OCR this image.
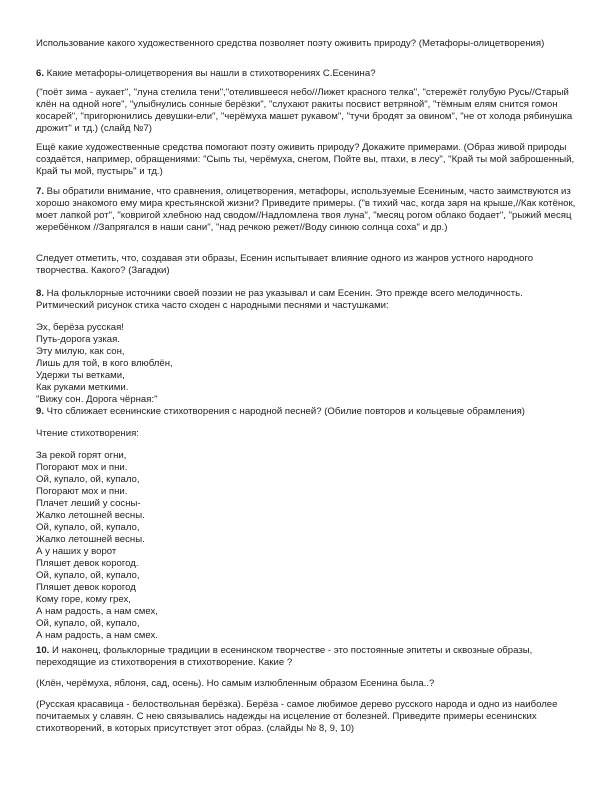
Использование какого художественного средства позволяет поэту оживить природу? (Метафоры-олицетворения)

6. Какие метафоры-олицетворения вы нашли в стихотворениях С.Есенина?

("поёт зима - аукает", "луна стелила тени","отелившееся небо//Лижет красного телка", "стережёт голубую Русь//Старый клён на одной ноге", "улыбнулись сонные берёзки", "слухают ракиты посвист ветряной", "тёмным елям снится гомон косарей", "пригорюнились девушки-ели", "черёмуха машет рукавом", "тучи бродят за овином", "не от холода рябинушка дрожит" и тд.) (слайд №7)

Ещё какие художественные средства помогают поэту оживить природу? Докажите примерами. (Образ живой природы создаётся, например, обращениями: "Сыпь ты, черёмуха, снегом, Пойте вы, птахи, в лесу", "Край ты мой заброшенный, Край ты мой, пустырь" и тд.)

7. Вы обратили внимание, что сравнения, олицетворения, метафоры, используемые Есениным, часто заимствуются из хорошо знакомого ему мира крестьянской жизни? Приведите примеры. ("в тихий час, когда заря на крыше,//Как котёнок, моет лапкой рот", "ковригой хлебною над сводом//Надломлена твоя луна", "месяц рогом облако бодает", "рыжий месяц жеребёнком //Запрягался в наши сани", "над речкою режет//Воду синюю солнца соха" и др.)

Следует отметить, что, создавая эти образы, Есенин испытывает влияние одного из жанров устного народного творчества. Какого? (Загадки)

8. На фольклорные источники своей поэзии не раз указывал и сам Есенин. Это прежде всего мелодичность. Ритмический рисунок стиха часто сходен с народными песнями и частушками:

Эх, берёза русская!
Путь-дорога узкая.
Эту милую, как сон,
Лишь для той, в кого влюблён,
Удержи ты ветками,
Как руками меткими.
"Вижу сон. Дорога чёрная:"

9. Что сближает есенинские стихотворения с народной песней? (Обилие повторов и кольцевые обрамления)

Чтение стихотворения:

За рекой горят огни,
Погорают мох и пни.
Ой, купало, ой, купало,
Погорают мох и пни.
Плачет леший у сосны-
Жалко летошней весны.
Ой, купало, ой, купало,
Жалко летошней весны.
А у наших у ворот
Пляшет девок корогод.
Ой, купало, ой, купало,
Пляшет девок корогод
Кому горе, кому грех,
А нам радость, а нам смех,
Ой, купало, ой, купало,
А нам радость, а нам смех.

10. И наконец, фольклорные традиции в есенинском творчестве - это постоянные эпитеты и сквозные образы, переходящие из стихотворения в стихотворение. Какие ?

(Клён, черёмуха, яблоня, сад, осень). Но самым излюбленным образом Есенина была..?

(Русская красавица - белоствольная берёзка). Берёза - самое любимое дерево русского народа и одно из наиболее почитаемых у славян. С нею связывались надежды на исцеление от болезней. Приведите примеры есенинских стихотворений, в которых присутствует этот образ. (слайды № 8, 9, 10)
